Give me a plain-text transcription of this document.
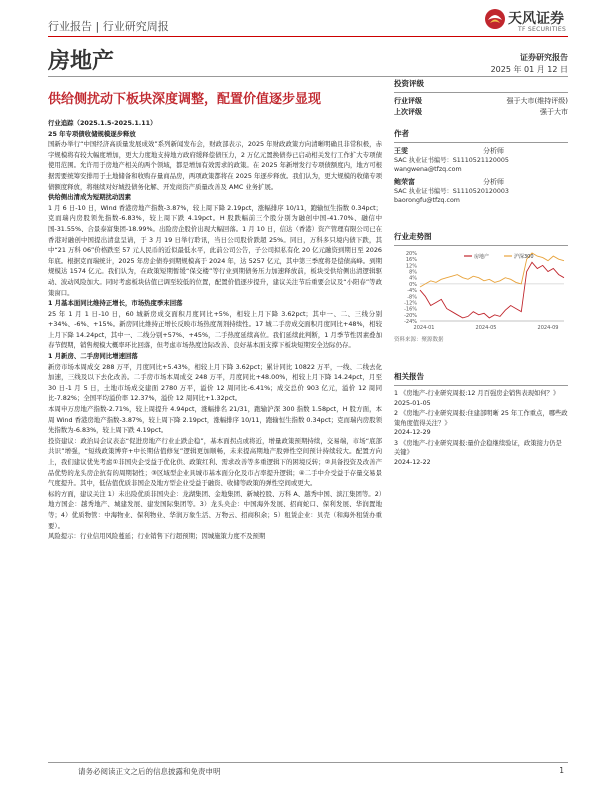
行业报告 | 行业研究周报	天风证券
TF SECURITIES
房地产	证券研究报告
2025 年 01 月 12 日
供给侧扰动下板块深度调整，配置价值逐步显现

行业追踪（2025.1.5-2025.1.11）

25 年专项债收储规模逐步释放

国新办举行“中国经济高质量发展成效”系列新闻发布会，财政部表示，2025 年财政政策方向清晰明确且非常积极，赤字规模将有较大幅度增加，更大力度地支持地方政府缓释偿债压力，2 万亿元置换债券已启动相关发行工作扩大专项债使用范围。允许用于房地产相关的两个领域，都是增加有效需求的政策。在 2025 年新增发行专项债额度内，地方可根据需要统筹安排用于土地储备和收购存量商品房，两项政策都将在 2025 年逐步释放。我们认为，更大规模的收储专项债额度释放，将继续对好城投债务化解、开发商资产质量改善及 AMC 业务扩展。

供给侧出清成为短期扰动因素

1 月 6 日-10 日，Wind 香港房地产指数-3.87%，较上周下降 2.19pct，涨幅排序 10/11，跑输恒生指数 0.34pct；克而瑞内房股领先指数-6.83%，较上周下跌 4.19pct。H 股跌幅前三个股分别为融创中国-41.70%、融信中国-31.55%、合景泰富集团-18.99%。出险房企股价出现大幅回落。1 月 10 日，信达（香港）资产管理有限公司已在香港对融创中国提出清盘呈请，于 3 月 19 日举行聆讯，当日公司股价跌超 25%。同日，万科多只境内债下跌，其中“21 万科 06”价格跌至 57 元人民币的近似最低水平，此前公司公告，子公司拟私有化 20 亿元融资到期日至 2026 年底。根据克而瑞统计，2025 年房企债券到期规模高于 2024 年，达 5257 亿元，其中第三季度将是偿债高峰。到期规模达 1574 亿元。我们认为，在政策短期暂缓“保交楼”等行业到期债务压力加速释放前，板块受供给侧出清逻辑驱动、波动风险加大。同时考虑板块估值已调至较低的位置，配置价值逐步提升，建议关注节后重要会议及“小阳春”等政策窗口。

1 月基本面同比维持正增长，市场热度季末回落

25 年 1 月 1 日-10 日，60 城新房成交面积月度同比+5%，相较上月下降 3.62pct；其中一、二、三线分别+34%、-6%、+15%。新房同比维持正增长反映市场热度剂剂持续性。17 城二手房成交面积月度同比+48%，相较上月下降 14.24pct，其中一、二线分别+57%、+45%，二手热度延续高位。我们延续此判断，1 月季节性因素叠加春节假期，销售规模大概率环比回落，但考虑市场热度边际改善、良好基本面支撑下板块短期安全边际仍存。

1 月新房、二手房同比增速回落

新房市场本周成交 288 万平，月度同比+5.43%，相较上月下降 3.62pct；累计同比 10822 万平，一线、二线去化加速，三线及以下去化改善。二手房市场本周成交 248 万平，月度同比+48.00%，相较上月下降 14.24pct，月至 30 日-1 月 5 日，土地市场成交建面 2780 万平，溢价 12 周同比-6.41%；成交总价 903 亿元，溢价 12 周同比-7.82%；全国平均溢价率 12.37%，溢价 12 周同比+1.32pct。

本周申万房地产指数-2.71%，较上周提升 4.94pct，涨幅排名 21/31，跑输沪深 300 指数 1.58pct，H 股方面，本周 Wind 香港房地产指数-3.87%，较上周下降 2.19pct，涨幅排序 10/11，跑输恒生指数 0.34pct；克而瑞内房股领先指数为-6.83%，较上周下跌 4.19pct。

投资建议：政治局会议表态“促进房地产行业止跌企稳”，基本面拐点或将近，增量政策预期持续，交易端，市场“底部共识”增强，“短线政策博弈+中长期估值修复”逻辑更加顺畅，未来提高期地产股弹性空间预计持续较大。配置方向上，我们建议优先考虑①非国央企受益于优化供、政策红利、需求改善等多重逻辑下的困境反转；②具备投资及改善产品优势的龙头房企抗有的周期韧性；③区域型企业具城市基本面分化及市占率提升逻辑；④二手中介受益于存量交易景气度提升。其中，低估值优质非国企及地方型企业受益于融资、收储等政策的弹性空间或更大。

标的方面，建议关注 1）未出险优质非国央企：龙湖集团、金地集团、新城控股、万科 A、越秀中国、滨江集团等。2）地方国企：越秀地产、城建发展、建发国际集团等。3）龙头央企：中国海外发展、招商蛇口、保利发展、华润置地等；4）优质物管：中海物业、保利物业、华润万象生活、万物云、招商积余；5）租赁企业：贝壳（和海外租赁办重要）。

风险提示：行业信用风险蔓延；行业销售下行超预期；因城施策力度不及预期

投资评级
行业评级	强于大市(维持评级)
上次评级	强于大市
作者
王雯	分析师
SAC 执业证书编号：S1110521120005
wangwena@tfzq.com
鲍荣富	分析师
SAC 执业证书编号：S1110520120003
baorongfu@tfzq.com
行业走势图
20%
16%
12%
8%
4%
0%
-4%
-8%
-12%
-16%
-20%
-24%
2024-01	2024-05	2024-09
房地产	沪深300
资料来源：聚源数据
相关报告
1 《房地产-行业研究周报:12 月百强房企销售表现如何？》
2025-01-05
2 《房地产-行业研究周报:住建部明晰 25 年工作重点，哪些政策角度值得关注？》
2024-12-29
3 《房地产-行业研究周报:量价企稳继续验证，政策接力仍是关键》
2024-12-22
请务必阅读正文之后的信息披露和免责申明	1
